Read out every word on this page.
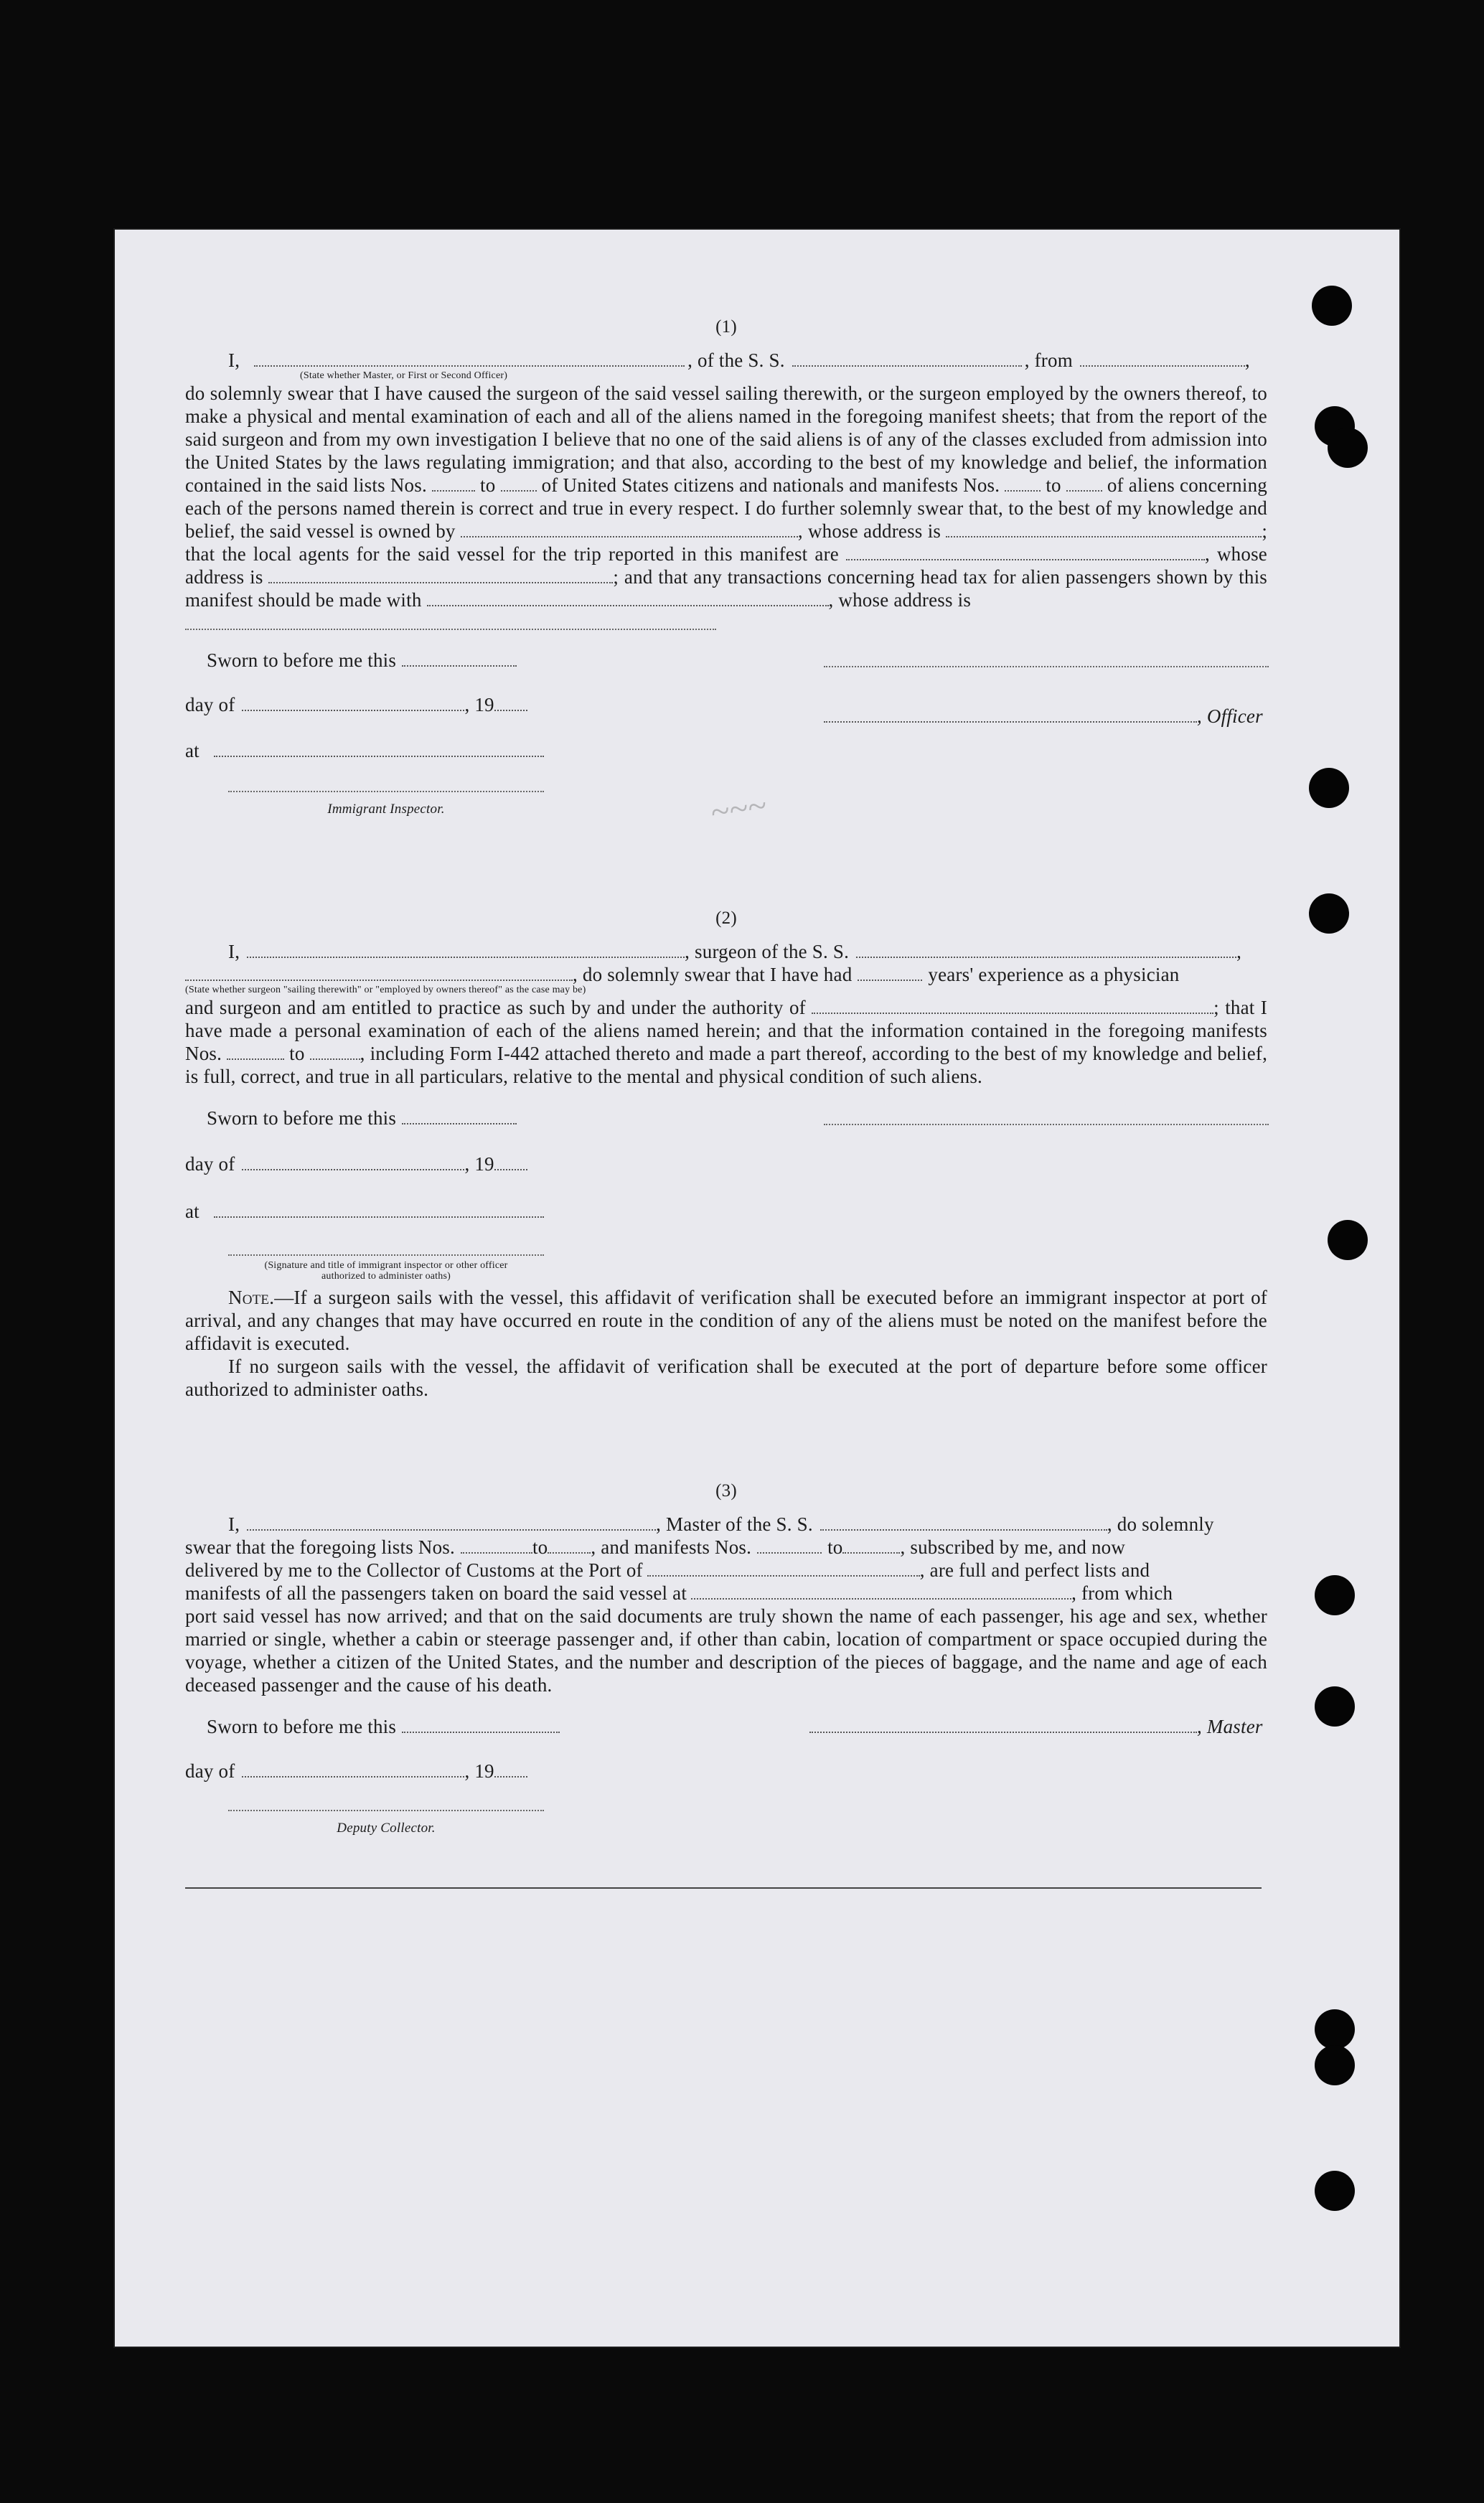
~~~
(1)
I,	, of the S. S.	, from	,
(State whether Master, or First or Second Officer)

do solemnly swear that I have caused the surgeon of the said vessel sailing therewith, or the surgeon employed by the owners thereof, to make a physical and mental examination of each and all of the aliens named in the foregoing manifest sheets; that from the report of the said surgeon and from my own investigation I believe that no one of the said aliens is of any of the classes excluded from admission into the United States by the laws regulating immigration; and that also, according to the best of my knowledge and belief, the information contained in the said lists Nos.	to of United States citizens and nationals and manifests Nos. to of aliens concerning each of the persons named therein is correct and true in every respect. I do further solemnly swear that, to the best of my knowledge and belief, the said vessel is owned by	, whose address is	; that the local agents for the said vessel for the trip reported in this manifest are	, whose address is	; and that any transactions concerning head tax for alien passengers shown by this manifest should be made with	, whose address is

Sworn to before me this
day of	, 19
, Officer
at
Immigrant Inspector.
(2)
I,	, surgeon of the S. S.	,
, do solemnly swear that I have had	years' experience as a physician
(State whether surgeon "sailing therewith" or "employed by owners thereof" as the case may be)

and surgeon and am entitled to practice as such by and under the authority of	; that I have made a personal examination of each of the aliens named herein; and that the information contained in the foregoing manifests Nos.	to	, including Form I-442 attached thereto and made a part thereof, according to the best of my knowledge and belief, is full, correct, and true in all particulars, relative to the mental and physical condition of such aliens.

Sworn to before me this
day of	, 19
at
(Signature and title of immigrant inspector or other officer authorized to administer oaths)

Note.—If a surgeon sails with the vessel, this affidavit of verification shall be executed before an immigrant inspector at port of arrival, and any changes that may have occurred en route in the condition of any of the aliens must be noted on the manifest before the affidavit is executed.

If no surgeon sails with the vessel, the affidavit of verification shall be executed at the port of departure before some officer authorized to administer oaths.

(3)
I,	, Master of the S. S.	, do solemnly
swear that the foregoing lists Nos.	to , and manifests Nos.	to	, subscribed by me, and now
delivered by me to the Collector of Customs at the Port of	, are full and perfect lists and
manifests of all the passengers taken on board the said vessel at	, from which

port said vessel has now arrived; and that on the said documents are truly shown the name of each passenger, his age and sex, whether married or single, whether a cabin or steerage passenger and, if other than cabin, location of compartment or space occupied during the voyage, whether a citizen of the United States, and the number and description of the pieces of baggage, and the name and age of each deceased passenger and the cause of his death.

Sworn to before me this	, Master
day of	, 19
Deputy Collector.
